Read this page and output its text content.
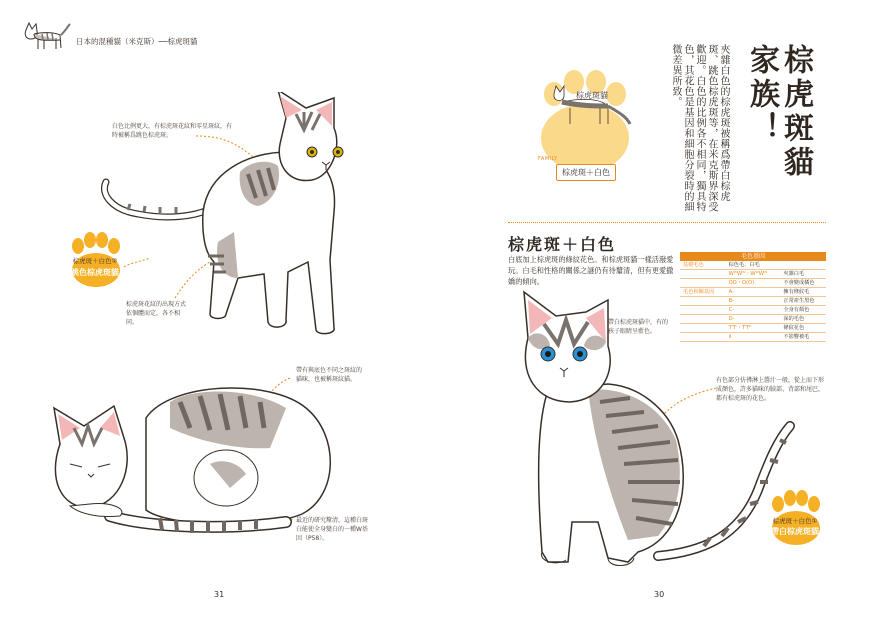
日本的混種貓（米克斯）──棕虎斑貓
白色比例更大，有棕虎斑花紋和零星斑紋，有時被稱爲跳色棕虎斑。
棕虎斑＋白色②
跳色棕虎斑貓
棕虎斑花紋的出現方式依個體而定，各不相同。
帶有與底色不同之斑紋的貓咪，也被稱斑紋貓。
最近的研究釐清，這種白斑白能使全身變白的一種W基因（P58）。
31
棕虎斑貓
家族！
夾雜白色的棕虎斑被稱爲帶白棕虎斑、跳色棕虎斑等，在米克斯界深受歡迎。白色的比例各不相同，獨具特色，其花色是基因和細胞分裂時的細微差異所致。
棕虎斑貓
FAMILY
棕虎斑＋白色
棕虎斑＋白色
白底加上棕虎斑的條紋花色。和棕虎斑貓一樣活潑愛玩。白毛和性格的關係之謎仍有待釐清，但有更愛撒嬌的傾向。
毛色基因
基礎毛色	棕色毛、白毛	
	WᵂWᵂ・WᵂWᵂ	夾雜白毛
	OO・O(O)	不會變成橘色
毛色相關基因	A-	擁有條紋毛
	B-	正常產生黑色
	C-	全身有顏色
	D-	深的毛色
	TⁱTⁱ・TⁱTᵇ	條紋花色
	ii	不影響被毛
帶白棕虎斑貓中，有的孩子眼睛呈藍色。
有色部分彷彿淋上醬汁一般，從上而下形成顏色，許多貓咪的臉部、背部和尾巴，都有棕虎斑的花色。
棕虎斑＋白色①
帶白棕虎斑貓
30
